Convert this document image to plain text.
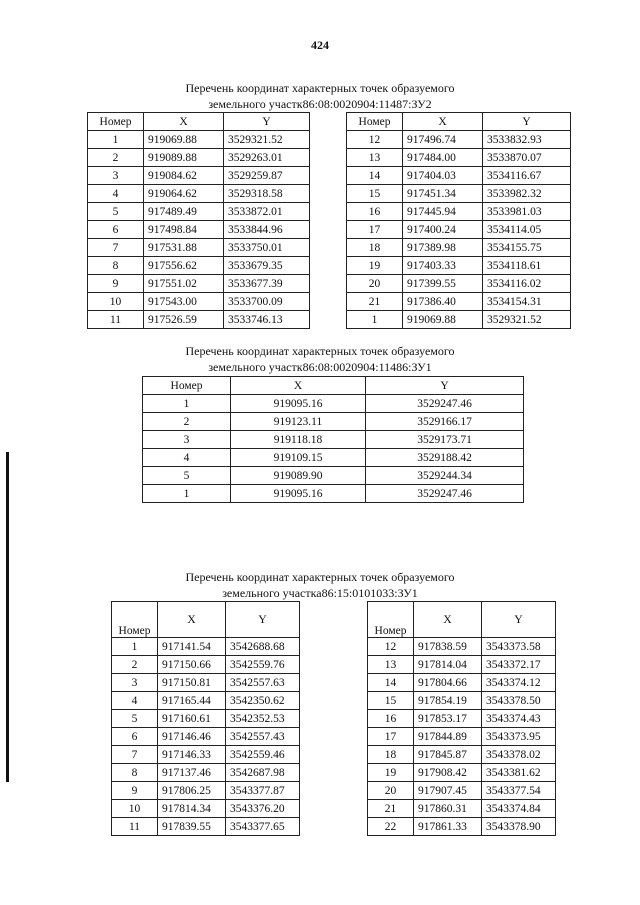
424
Перечень координат характерных точек образуемого
земельного участк86:08:0020904:11487:ЗУ2
Номер	X	Y
1	919069.88	3529321.52
2	919089.88	3529263.01
3	919084.62	3529259.87
4	919064.62	3529318.58
5	917489.49	3533872.01
6	917498.84	3533844.96
7	917531.88	3533750.01
8	917556.62	3533679.35
9	917551.02	3533677.39
10	917543.00	3533700.09
11	917526.59	3533746.13
Номер	X	Y
12	917496.74	3533832.93
13	917484.00	3533870.07
14	917404.03	3534116.67
15	917451.34	3533982.32
16	917445.94	3533981.03
17	917400.24	3534114.05
18	917389.98	3534155.75
19	917403.33	3534118.61
20	917399.55	3534116.02
21	917386.40	3534154.31
1	919069.88	3529321.52
Перечень координат характерных точек образуемого
земельного участк86:08:0020904:11486:ЗУ1
Номер	X	Y
1	919095.16	3529247.46
2	919123.11	3529166.17
3	919118.18	3529173.71
4	919109.15	3529188.42
5	919089.90	3529244.34
1	919095.16	3529247.46
Перечень координат характерных точек образуемого
земельного участка86:15:0101033:ЗУ1
Номер	X	Y
1	917141.54	3542688.68
2	917150.66	3542559.76
3	917150.81	3542557.63
4	917165.44	3542350.62
5	917160.61	3542352.53
6	917146.46	3542557.43
7	917146.33	3542559.46
8	917137.46	3542687.98
9	917806.25	3543377.87
10	917814.34	3543376.20
11	917839.55	3543377.65
Номер	X	Y
12	917838.59	3543373.58
13	917814.04	3543372.17
14	917804.66	3543374.12
15	917854.19	3543378.50
16	917853.17	3543374.43
17	917844.89	3543373.95
18	917845.87	3543378.02
19	917908.42	3543381.62
20	917907.45	3543377.54
21	917860.31	3543374.84
22	917861.33	3543378.90
